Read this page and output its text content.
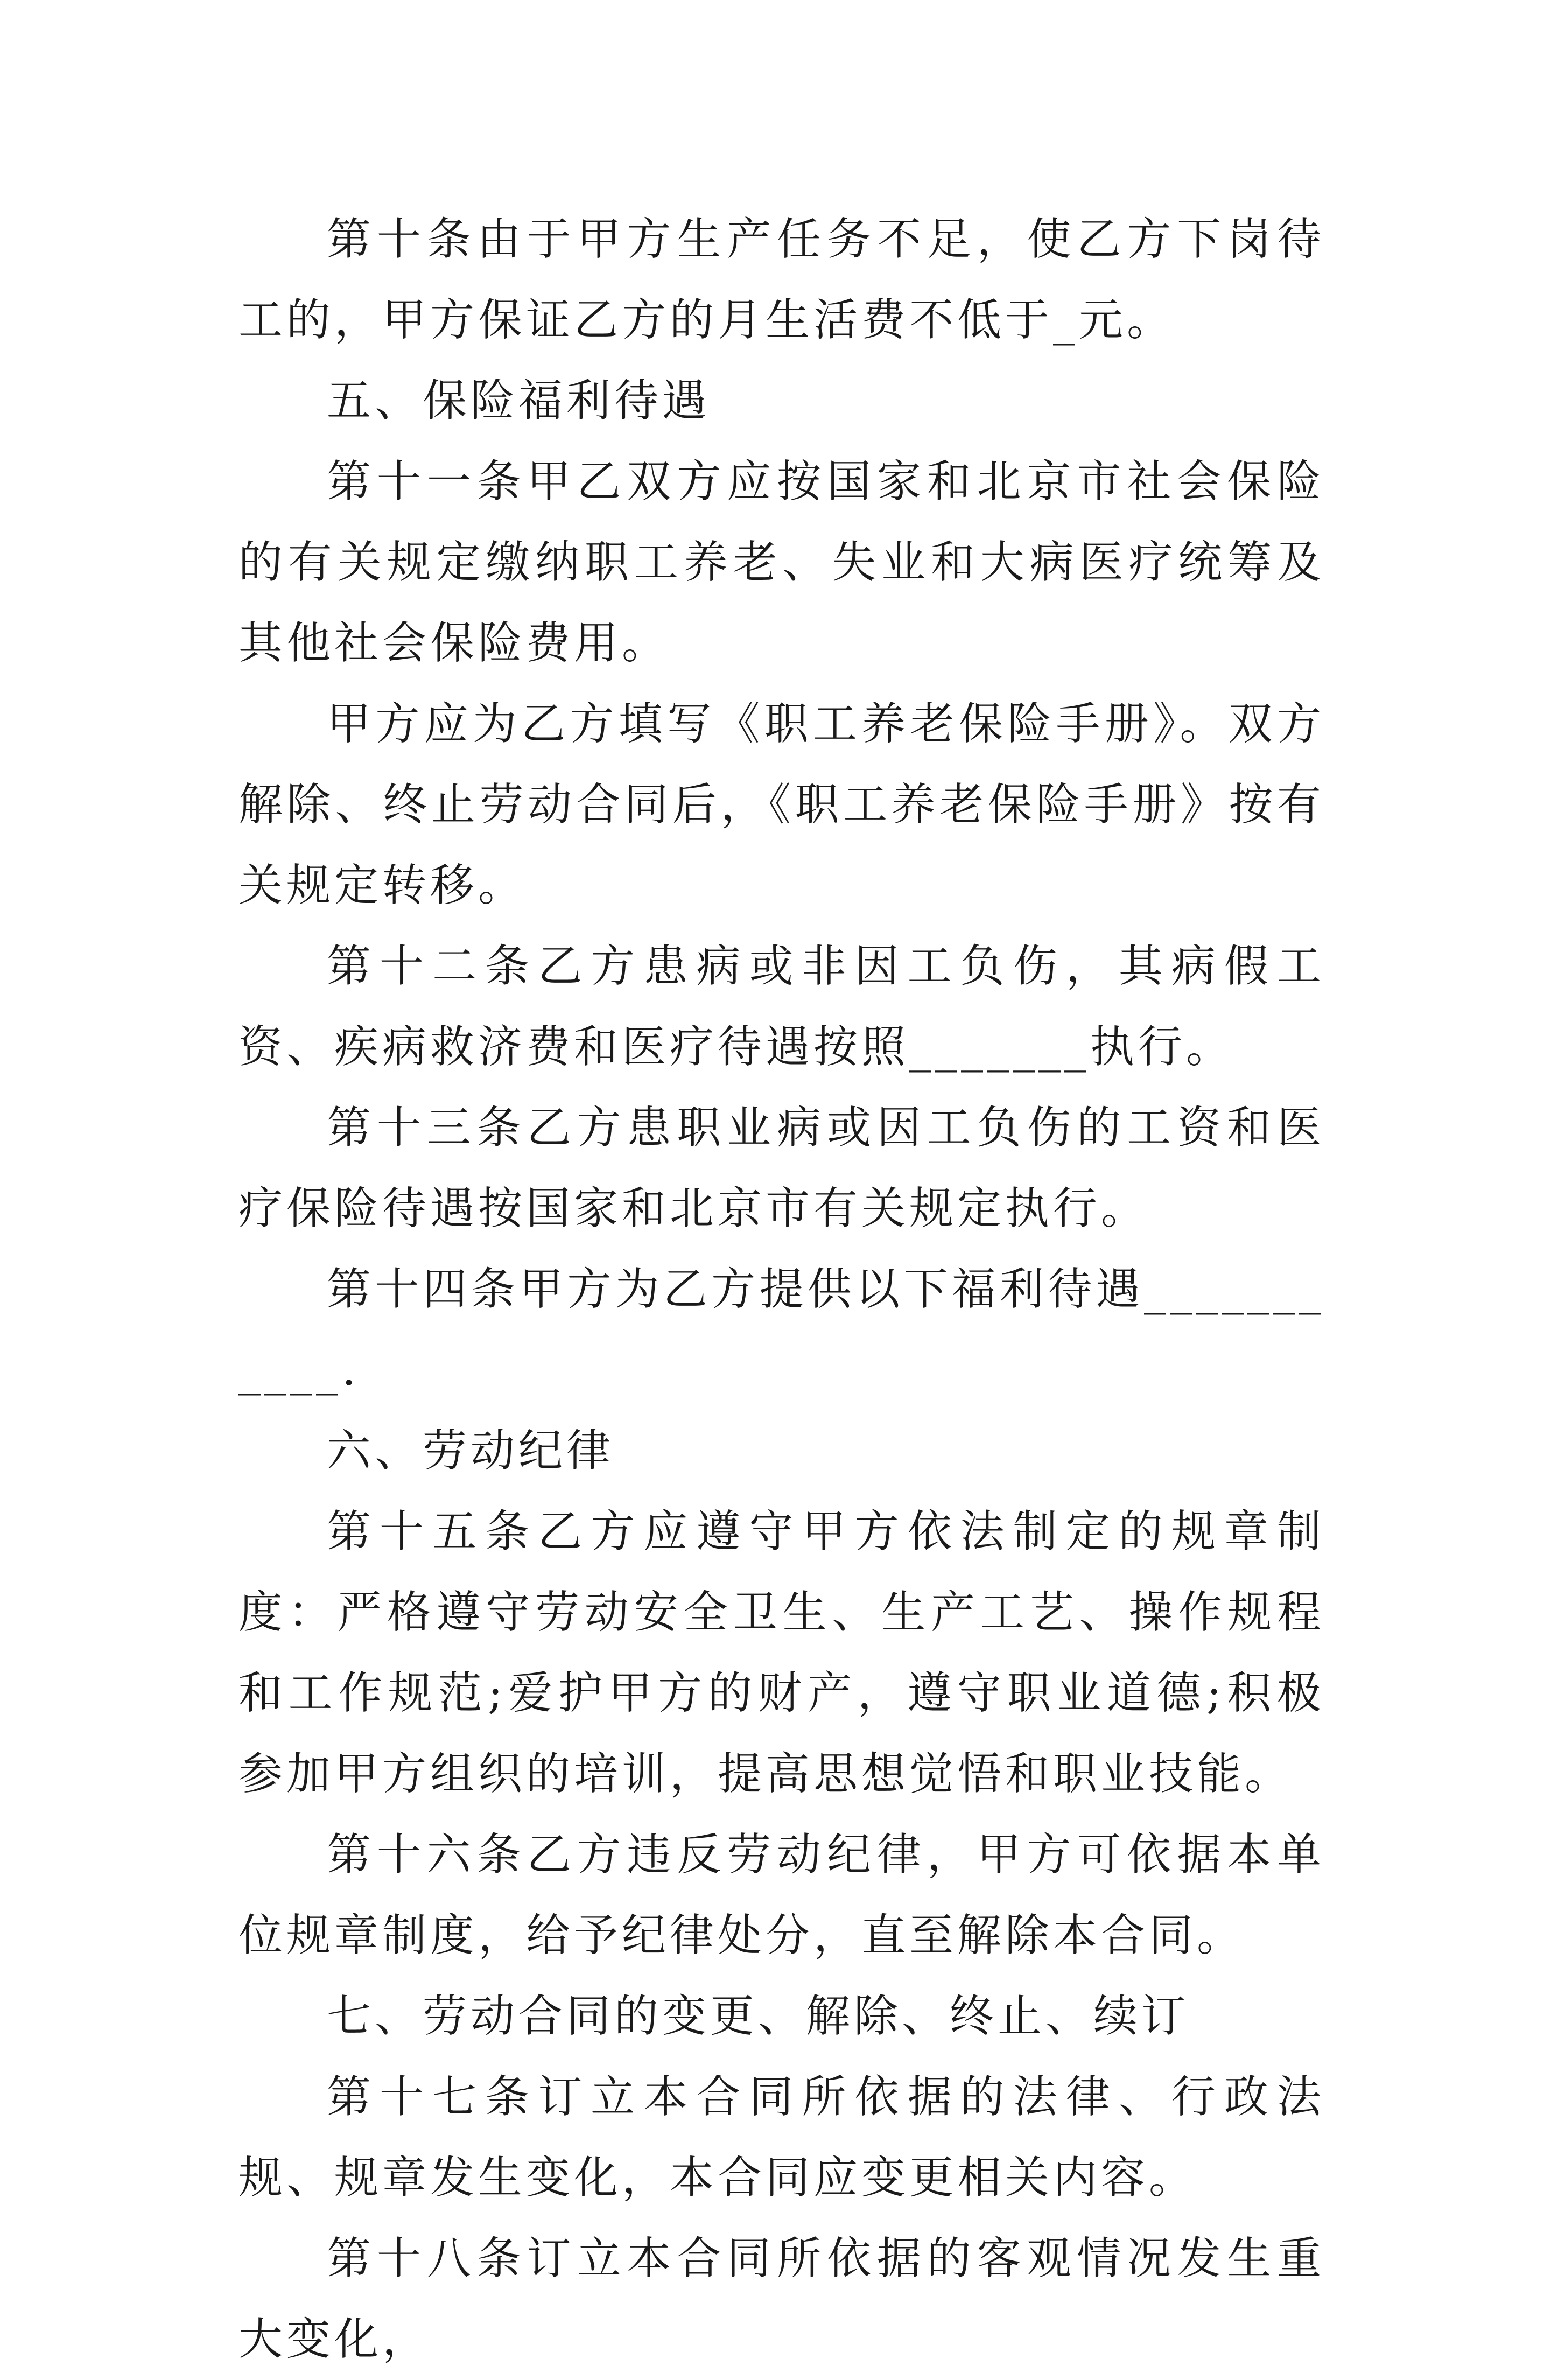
第十条由于甲方生产任务不足，使乙方下岗待工的，甲方保证乙方的月生活费不低于_元。

五、保险福利待遇

第十一条甲乙双方应按国家和北京市社会保险的有关规定缴纳职工养老、失业和大病医疗统筹及其他社会保险费用。

甲方应为乙方填写《职工养老保险手册》。双方解除、终止劳动合同后，《职工养老保险手册》按有关规定转移。

第十二条乙方患病或非因工负伤，其病假工资、疾病救济费和医疗待遇按照_______执行。

第十三条乙方患职业病或因工负伤的工资和医疗保险待遇按国家和北京市有关规定执行。

第十四条甲方为乙方提供以下福利待遇___________.

六、劳动纪律

第十五条乙方应遵守甲方依法制定的规章制度：严格遵守劳动安全卫生、生产工艺、操作规程和工作规范;爱护甲方的财产，遵守职业道德;积极参加甲方组织的培训，提高思想觉悟和职业技能。

第十六条乙方违反劳动纪律，甲方可依据本单位规章制度，给予纪律处分，直至解除本合同。

七、劳动合同的变更、解除、终止、续订

第十七条订立本合同所依据的法律、行政法规、规章发生变化，本合同应变更相关内容。

第十八条订立本合同所依据的客观情况发生重大变化，
